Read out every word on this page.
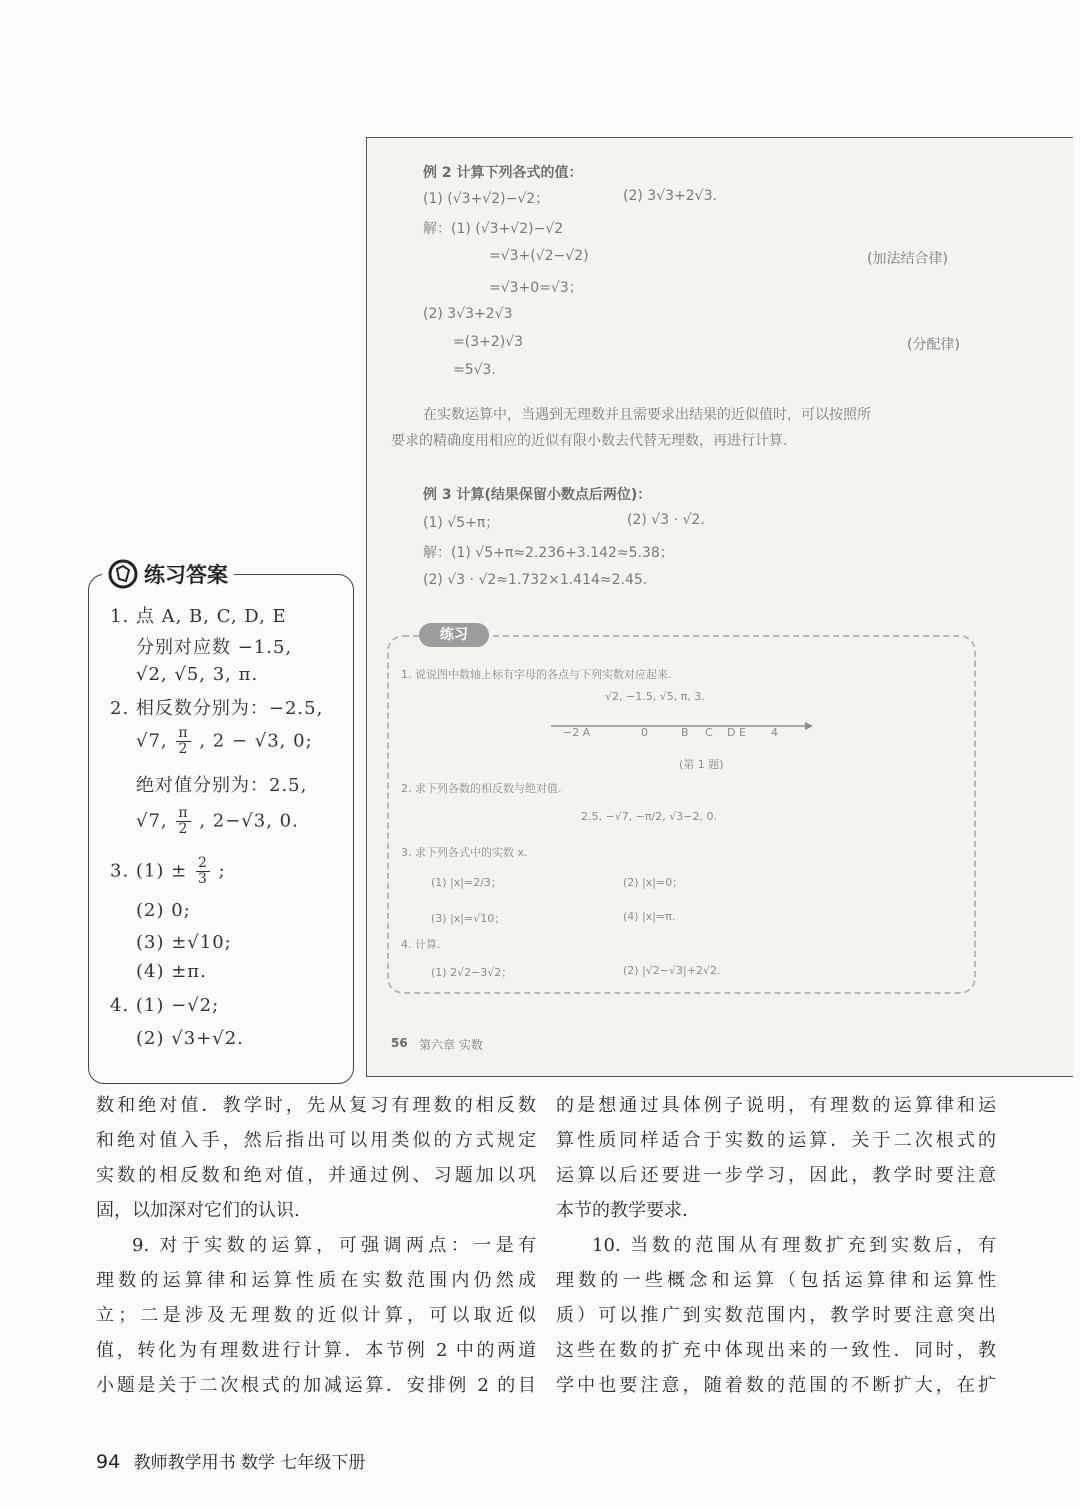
例 2 计算下列各式的值：
(1) (√3+√2)−√2；	(2) 3√3+2√3.
解：(1) (√3+√2)−√2
=√3+(√2−√2)	(加法结合律)
=√3+0=√3；
(2) 3√3+2√3
=(3+2)√3	(分配律)
=5√3.
在实数运算中，当遇到无理数并且需要求出结果的近似值时，可以按照所
要求的精确度用相应的近似有限小数去代替无理数，再进行计算.
例 3 计算(结果保留小数点后两位)：
(1) √5+π；	(2) √3 · √2.
解：(1) √5+π≈2.236+3.142≈5.38；
(2) √3 · √2≈1.732×1.414≈2.45.
练习
1. 说说图中数轴上标有字母的各点与下列实数对应起来.
√2, −1.5, √5, π, 3.
−2 A	0	B C D E 4
(第 1 题)
2. 求下列各数的相反数与绝对值.
2.5, −√7, −π/2, √3−2, 0.
3. 求下列各式中的实数 x.
(1) |x|=2/3；	(2) |x|=0；
(3) |x|=√10；	(4) |x|=π.
4. 计算.
(1) 2√2−3√2；	(2) |√2−√3|+2√2.
56 第六章 实数
练习答案
1. 点 A, B, C, D, E
分别对应数 −1.5,
√2, √5, 3, π.
2. 相反数分别为：−2.5,
√7, $\frac{\pi}{2}$ , 2 − √3, 0;
绝对值分别为：2.5,
√7, $\frac{\pi}{2}$ , 2−√3, 0.
3. $(1) \pm \frac{2}{3}$ ;
(2) 0;
(3) ±√10;
(4) ±π.
4. (1) −√2;
(2) √3+√2.
数和绝对值．教学时，先从复习有理数的相反数
和绝对值入手，然后指出可以用类似的方式规定
实数的相反数和绝对值，并通过例、习题加以巩
固，以加深对它们的认识.
9. 对于实数的运算，可强调两点：一是有
理数的运算律和运算性质在实数范围内仍然成
立；二是涉及无理数的近似计算，可以取近似
值，转化为有理数进行计算．本节例 2 中的两道
小题是关于二次根式的加减运算．安排例 2 的目
的是想通过具体例子说明，有理数的运算律和运
算性质同样适合于实数的运算．关于二次根式的
运算以后还要进一步学习，因此，教学时要注意
本节的教学要求.
10. 当数的范围从有理数扩充到实数后，有
理数的一些概念和运算（包括运算律和运算性
质）可以推广到实数范围内，教学时要注意突出
这些在数的扩充中体现出来的一致性．同时，教
学中也要注意，随着数的范围的不断扩大，在扩
94 教师教学用书 数学 七年级下册
